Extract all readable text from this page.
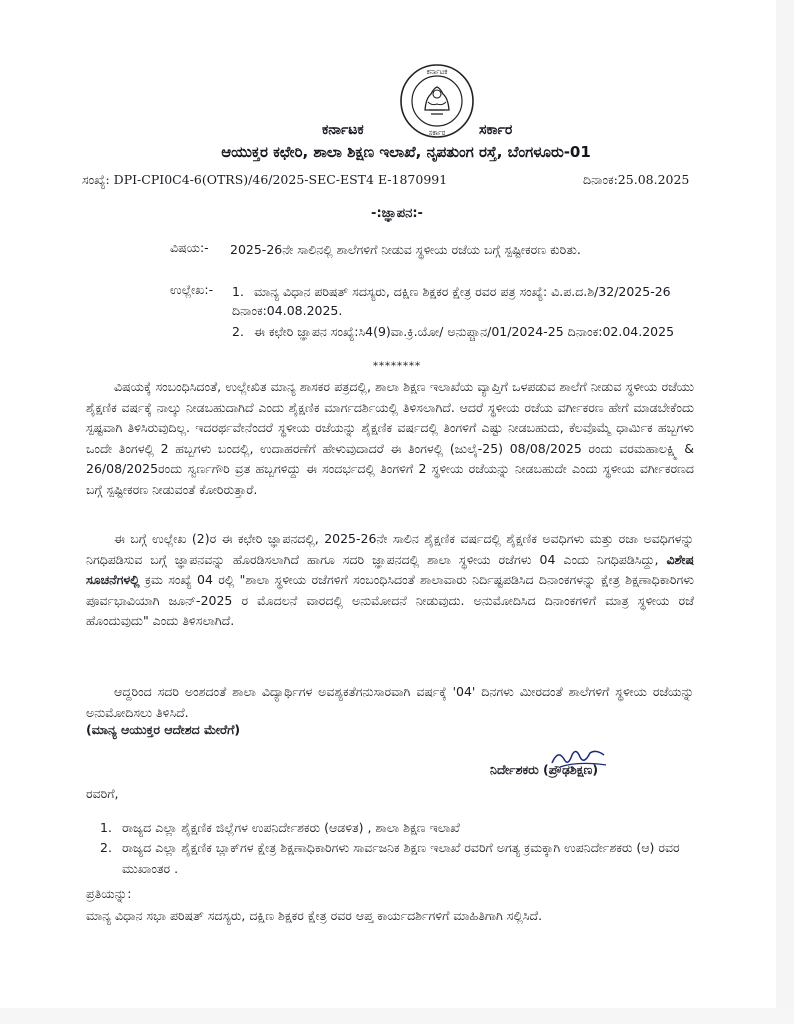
ಕರ್ನಾಟಕ
ಸರ್ಕಾರ
ಕರ್ನಾಟಕ	ಸರ್ಕಾರ
ಆಯುಕ್ತರ ಕಛೇರಿ, ಶಾಲಾ ಶಿಕ್ಷಣ ಇಲಾಖೆ, ನೃಪತುಂಗ ರಸ್ತೆ, ಬೆಂಗಳೂರು-01
ಸಂಖ್ಯೆ: DPI-CPI0C4-6(OTRS)/46/2025-SEC-EST4 E-1870991	ದಿನಾಂಕ:25.08.2025
-:ಜ್ಞಾಪನ:-
ವಿಷಯ:- 2025-26ನೇ ಸಾಲಿನಲ್ಲಿ ಶಾಲೆಗಳಿಗೆ ನೀಡುವ ಸ್ಥಳೀಯ ರಜೆಯ ಬಗ್ಗೆ ಸ್ಪಷ್ಟೀಕರಣ ಕುರಿತು.
ಉಲ್ಲೇಖ:- 1. ಮಾನ್ಯ ವಿಧಾನ ಪರಿಷತ್ ಸದಸ್ಯರು, ದಕ್ಷಿಣ ಶಿಕ್ಷಕರ ಕ್ಷೇತ್ರ ರವರ ಪತ್ರ ಸಂಖ್ಯೆ: ವಿ.ಪ.ದ.ಶಿ/32/2025-26 ದಿನಾಂಕ:04.08.2025.
2. ಈ ಕಛೇರಿ ಜ್ಞಾಪನ ಸಂಖ್ಯೆ:ಸಿ4(9)ವಾ.ಕ್ರಿ.ಯೋ/ ಅನುಪ್ಚಾನ/01/2024-25 ದಿನಾಂಕ:02.04.2025
********
ವಿಷಯಕ್ಕೆ ಸಂಬಂಧಿಸಿದಂತೆ, ಉಲ್ಲೇಖಿತ ಮಾನ್ಯ ಶಾಸಕರ ಪತ್ರದಲ್ಲಿ, ಶಾಲಾ ಶಿಕ್ಷಣ ಇಲಾಖೆಯ ವ್ಯಾಪ್ತಿಗೆ ಒಳಪಡುವ ಶಾಲೆಗೆ ನೀಡುವ ಸ್ಥಳೀಯ ರಜೆಯು ಶೈಕ್ಷಣಿಕ ವರ್ಷಕ್ಕೆ ನಾಲ್ಕು ನೀಡಬಹುದಾಗಿದೆ ಎಂದು ಶೈಕ್ಷಣಿಕ ಮಾರ್ಗದರ್ಶಿಯಲ್ಲಿ ತಿಳಿಸಲಾಗಿದೆ. ಆದರೆ ಸ್ಥಳೀಯ ರಜೆಯ ವರ್ಗೀಕರಣ ಹೇಗೆ ಮಾಡಬೇಕೆಂದು ಸ್ಪಷ್ಟವಾಗಿ ತಿಳಿಸಿರುವುದಿಲ್ಲ. ಇದರರ್ಥವೇನೆಂದರೆ ಸ್ಥಳೀಯ ರಜೆಯನ್ನು ಶೈಕ್ಷಣಿಕ ವರ್ಷದಲ್ಲಿ ತಿಂಗಳಿಗೆ ಎಷ್ಟು ನೀಡಬಹುದು, ಕೆಲವೊಮ್ಮೆ ಧಾರ್ಮಿಕ ಹಬ್ಬಗಳು ಒಂದೇ ತಿಂಗಳಲ್ಲಿ 2 ಹಬ್ಬಗಳು ಬಂದಲ್ಲಿ, ಉದಾಹರಣೆಗೆ ಹೇಳುವುದಾದರೆ ಈ ತಿಂಗಳಲ್ಲಿ (ಜುಲೈ-25) 08/08/2025 ರಂದು ವರಮಹಾಲಕ್ಷ್ಮಿ & 26/08/2025ರಂದು ಸ್ವರ್ಣಗೌರಿ ವ್ರತ ಹಬ್ಬಗಳಿದ್ದು ಈ ಸಂದರ್ಭದಲ್ಲಿ ತಿಂಗಳಿಗೆ 2 ಸ್ಥಳೀಯ ರಜೆಯನ್ನು ನೀಡಬಹುದೇ ಎಂದು ಸ್ಥಳೀಯ ವರ್ಗೀಕರಣದ ಬಗ್ಗೆ ಸ್ಪಷ್ಟೀಕರಣ ನೀಡುವಂತೆ ಕೋರಿರುತ್ತಾರೆ.
ಈ ಬಗ್ಗೆ ಉಲ್ಲೇಖ (2)ರ ಈ ಕಛೇರಿ ಜ್ಞಾಪನದಲ್ಲಿ, 2025-26ನೇ ಸಾಲಿನ ಶೈಕ್ಷಣಿಕ ವರ್ಷದಲ್ಲಿ ಶೈಕ್ಷಣಿಕ ಅವಧಿಗಳು ಮತ್ತು ರಜಾ ಅವಧಿಗಳನ್ನು ನಿಗಧಿಪಡಿಸುವ ಬಗ್ಗೆ ಜ್ಞಾಪನವನ್ನು ಹೊರಡಿಸಲಾಗಿದೆ ಹಾಗೂ ಸದರಿ ಜ್ಞಾಪನದಲ್ಲಿ ಶಾಲಾ ಸ್ಥಳೀಯ ರಜೆಗಳು 04 ಎಂದು ನಿಗಧಿಪಡಿಸಿದ್ದು, ವಿಶೇಷ ಸೂಚನೆಗಳಲ್ಲಿ ಕ್ರಮ ಸಂಖ್ಯೆ 04 ರಲ್ಲಿ "ಶಾಲಾ ಸ್ಥಳೀಯ ರಜೆಗಳಿಗೆ ಸಂಬಂಧಿಸಿದಂತೆ ಶಾಲಾವಾರು ನಿರ್ದಿಷ್ಟಪಡಿಸಿದ ದಿನಾಂಕಗಳನ್ನು ಕ್ಷೇತ್ರ ಶಿಕ್ಷಣಾಧಿಕಾರಿಗಳು ಪೂರ್ವಭಾವಿಯಾಗಿ ಜೂನ್-2025 ರ ಮೊದಲನೆ ವಾರದಲ್ಲಿ ಅನುಮೋದನೆ ನೀಡುವುದು. ಅನುಮೋದಿಸಿದ ದಿನಾಂಕಗಳಿಗೆ ಮಾತ್ರ ಸ್ಥಳೀಯ ರಜೆ ಹೊಂದುವುದು" ಎಂದು ತಿಳಿಸಲಾಗಿದೆ.
ಆದ್ದರಿಂದ ಸದರಿ ಅಂಶದಂತೆ ಶಾಲಾ ವಿದ್ಯಾರ್ಥಿಗಳ ಅವಶ್ಯಕತೆಗನುಸಾರವಾಗಿ ವರ್ಷಕ್ಕೆ '04' ದಿನಗಳು ಮೀರದಂತೆ ಶಾಲೆಗಳಿಗೆ ಸ್ಥಳೀಯ ರಜೆಯನ್ನು ಅನುಮೋದಿಸಲು ತಿಳಿಸಿದೆ.
(ಮಾನ್ಯ ಆಯುಕ್ತರ ಆದೇಶದ ಮೇರೆಗೆ)
ನಿರ್ದೇಶಕರು (ಪ್ರೌಢಶಿಕ್ಷಣ)
ರವರಿಗೆ,
1. ರಾಜ್ಯದ ಎಲ್ಲಾ ಶೈಕ್ಷಣಿಕ ಜಿಲ್ಲೆಗಳ ಉಪನಿರ್ದೇಶಕರು (ಆಡಳಿತ) , ಶಾಲಾ ಶಿಕ್ಷಣ ಇಲಾಖೆ
2. ರಾಜ್ಯದ ಎಲ್ಲಾ ಶೈಕ್ಷಣಿಕ ಬ್ಲಾಕ್‌ಗಳ ಕ್ಷೇತ್ರ ಶಿಕ್ಷಣಾಧಿಕಾರಿಗಳು ಸಾರ್ವಜನಿಕ ಶಿಕ್ಷಣ ಇಲಾಖೆ ರವರಿಗೆ ಅಗತ್ಯ ಕ್ರಮಕ್ಕಾಗಿ ಉಪನಿರ್ದೇಶಕರು (ಆ) ರವರ ಮುಖಾಂತರ .
ಪ್ರತಿಯನ್ನು:
ಮಾನ್ಯ ವಿಧಾನ ಸಭಾ ಪರಿಷತ್ ಸದಸ್ಯರು, ದಕ್ಷಿಣ ಶಿಕ್ಷಕರ ಕ್ಷೇತ್ರ ರವರ ಆಪ್ತ ಕಾರ್ಯದರ್ಶಿಗಳಿಗೆ ಮಾಹಿತಿಗಾಗಿ ಸಲ್ಲಿಸಿದೆ.
